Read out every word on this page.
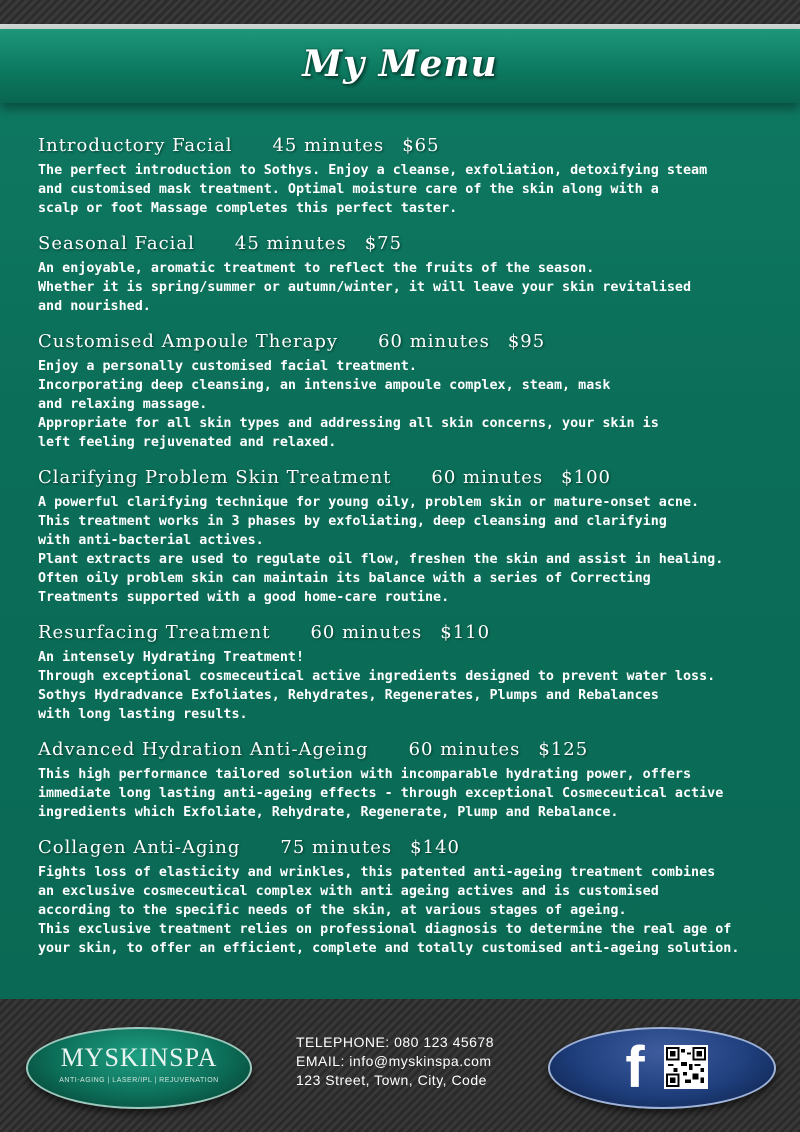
My Menu
Introductory Facial 45 minutes $65
The perfect introduction to Sothys. Enjoy a cleanse, exfoliation, detoxifying steam
and customised mask treatment. Optimal moisture care of the skin along with a
scalp or foot Massage completes this perfect taster.
Seasonal Facial 45 minutes $75
An enjoyable, aromatic treatment to reflect the fruits of the season.
Whether it is spring/summer or autumn/winter, it will leave your skin revitalised
and nourished.
Customised Ampoule Therapy 60 minutes $95
Enjoy a personally customised facial treatment.
Incorporating deep cleansing, an intensive ampoule complex, steam, mask
and relaxing massage.
Appropriate for all skin types and addressing all skin concerns, your skin is
left feeling rejuvenated and relaxed.
Clarifying Problem Skin Treatment 60 minutes $100
A powerful clarifying technique for young oily, problem skin or mature-onset acne.
This treatment works in 3 phases by exfoliating, deep cleansing and clarifying
with anti-bacterial actives.
Plant extracts are used to regulate oil flow, freshen the skin and assist in healing.
Often oily problem skin can maintain its balance with a series of Correcting
Treatments supported with a good home-care routine.
Resurfacing Treatment 60 minutes $110
An intensely Hydrating Treatment!
Through exceptional cosmeceutical active ingredients designed to prevent water loss.
Sothys Hydradvance Exfoliates, Rehydrates, Regenerates, Plumps and Rebalances
with long lasting results.
Advanced Hydration Anti-Ageing 60 minutes $125
This high performance tailored solution with incomparable hydrating power, offers
immediate long lasting anti-ageing effects - through exceptional Cosmeceutical active
ingredients which Exfoliate, Rehydrate, Regenerate, Plump and Rebalance.
Collagen Anti-Aging 75 minutes $140
Fights loss of elasticity and wrinkles, this patented anti-ageing treatment combines
an exclusive cosmeceutical complex with anti ageing actives and is customised
according to the specific needs of the skin, at various stages of ageing.
This exclusive treatment relies on professional diagnosis to determine the real age of
your skin, to offer an efficient, complete and totally customised anti-ageing solution.
MYSKINSPA
ANTI-AGING | LASER/IPL | REJUVENATION
TELEPHONE: 080 123 45678
EMAIL: info@myskinspa.com
123 Street, Town, City, Code	f
